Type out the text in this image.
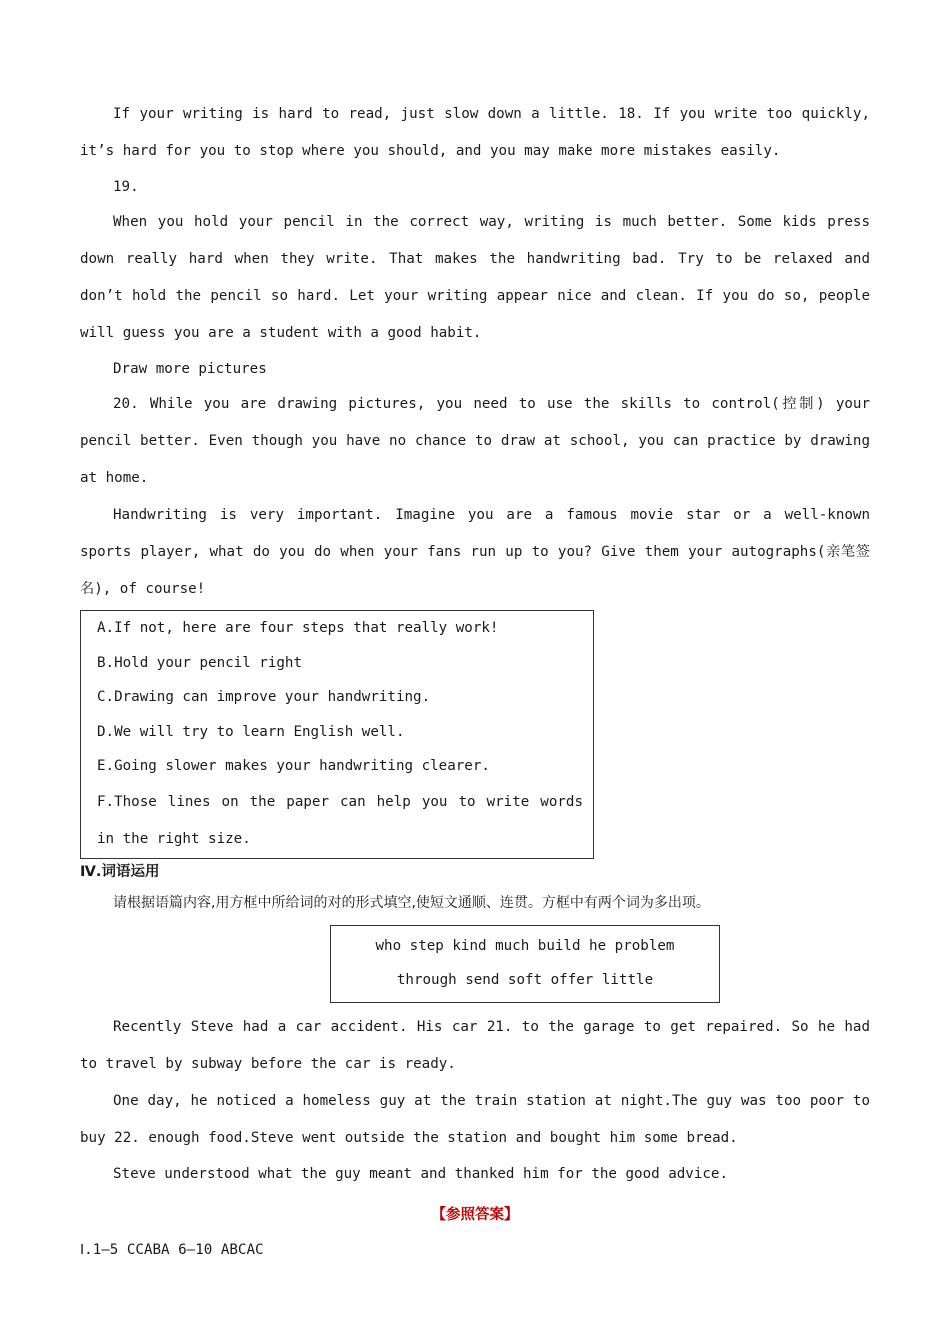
If your writing is hard to read, just slow down a little. 18. If you write too quickly, it’s hard for you to stop where you should, and you may make more mistakes easily.

19.

When you hold your pencil in the correct way, writing is much better. Some kids press down really hard when they write. That makes the handwriting bad. Try to be relaxed and don’t hold the pencil so hard. Let your writing appear nice and clean. If you do so, people will guess you are a student with a good habit.

Draw more pictures

20. While you are drawing pictures, you need to use the skills to control(控制) your pencil better. Even though you have no chance to draw at school, you can practice by drawing at home.

Handwriting is very important. Imagine you are a famous movie star or a well-known sports player, what do you do when your fans run up to you? Give them your autographs(亲笔签名), of course!

A.If not, here are four steps that really work!

B.Hold your pencil right

C.Drawing can improve your handwriting.

D.We will try to learn English well.

E.Going slower makes your handwriting clearer.

F.Those lines on the paper can help you to write words in the right size.

Ⅳ.词语运用

请根据语篇内容,用方框中所给词的对的形式填空,使短文通顺、连贯。方框中有两个词为多出项。

who step kind much build he problem

through send soft offer little

Recently Steve had a car accident. His car 21. to the garage to get repaired. So he had to travel by subway before the car is ready.

One day, he noticed a homeless guy at the train station at night.The guy was too poor to buy 22. enough food.Steve went outside the station and bought him some bread.

Steve understood what the guy meant and thanked him for the good advice.

【参照答案】

Ⅰ.1—5 CCABA 6—10 ABCAC
